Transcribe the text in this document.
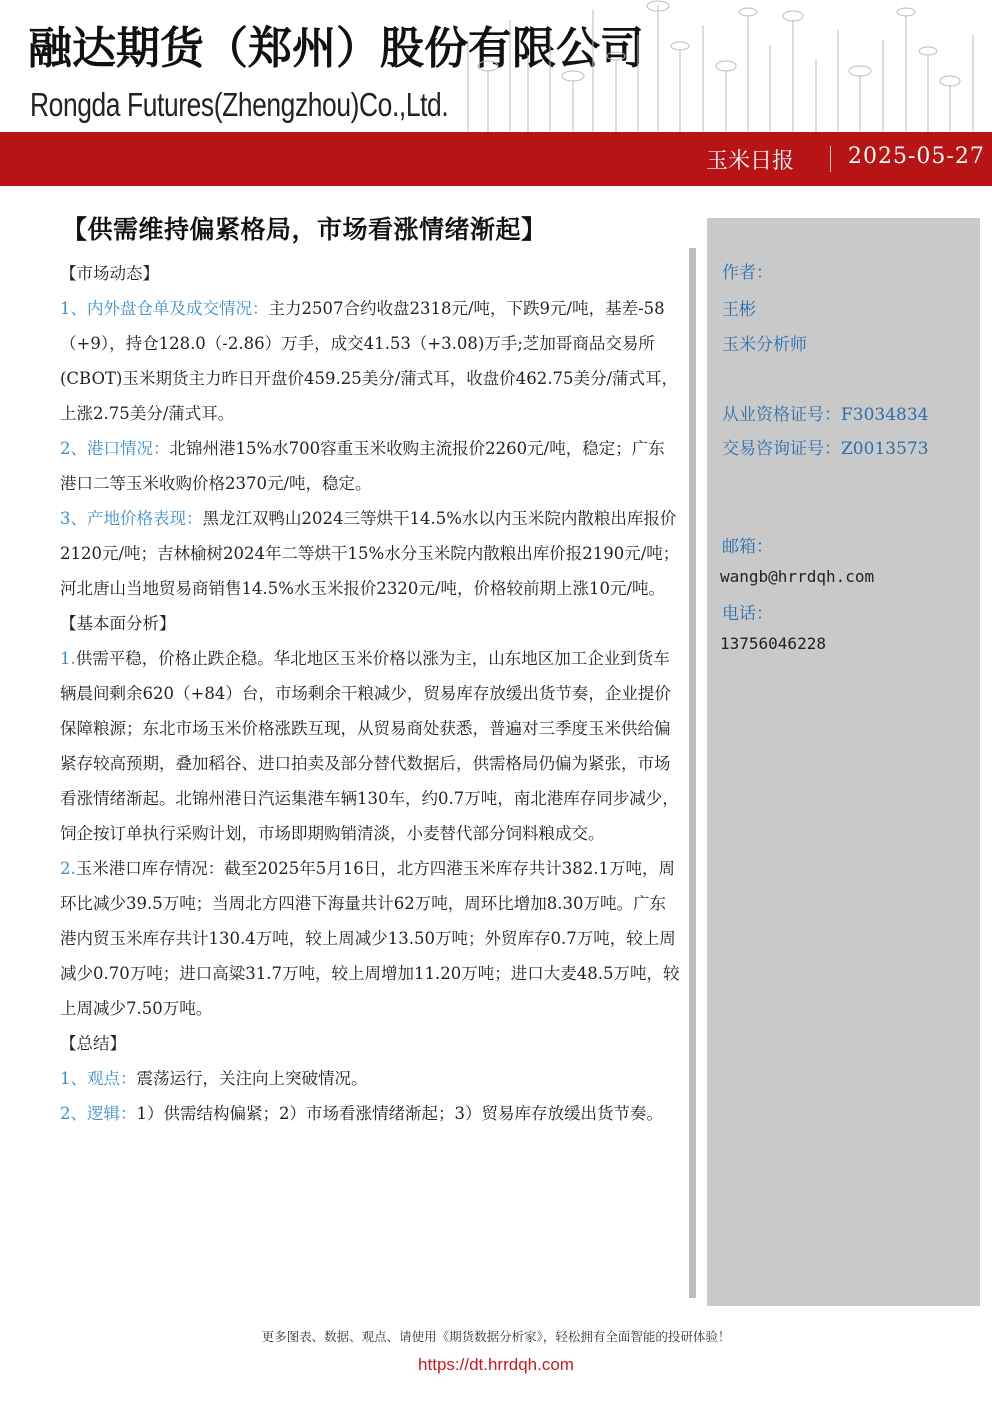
融达期货（郑州）股份有限公司
Rongda Futures(Zhengzhou)Co.,Ltd.
玉米日报 2025-05-27
【供需维持偏紧格局，市场看涨情绪渐起】

【市场动态】

1、内外盘仓单及成交情况：主力2507合约收盘2318元/吨，下跌9元/吨，基差-58（+9），持仓128.0（-2.86）万手，成交41.53（+3.08)万手;芝加哥商品交易所(CBOT)玉米期货主力昨日开盘价459.25美分/蒲式耳，收盘价462.75美分/蒲式耳，上涨2.75美分/蒲式耳。

2、港口情况：北锦州港15%水700容重玉米收购主流报价2260元/吨，稳定；广东港口二等玉米收购价格2370元/吨，稳定。

3、产地价格表现：黑龙江双鸭山2024三等烘干14.5%水以内玉米院内散粮出库报价2120元/吨；吉林榆树2024年二等烘干15%水分玉米院内散粮出库价报2190元/吨；河北唐山当地贸易商销售14.5%水玉米报价2320元/吨，价格较前期上涨10元/吨。

【基本面分析】

1.供需平稳，价格止跌企稳。华北地区玉米价格以涨为主，山东地区加工企业到货车辆晨间剩余620（+84）台，市场剩余干粮减少，贸易库存放缓出货节奏，企业提价保障粮源；东北市场玉米价格涨跌互现，从贸易商处获悉，普遍对三季度玉米供给偏紧存较高预期，叠加稻谷、进口拍卖及部分替代数据后，供需格局仍偏为紧张，市场看涨情绪渐起。北锦州港日汽运集港车辆130车，约0.7万吨，南北港库存同步减少，饲企按订单执行采购计划，市场即期购销清淡，小麦替代部分饲料粮成交。

2.玉米港口库存情况：截至2025年5月16日，北方四港玉米库存共计382.1万吨，周环比减少39.5万吨；当周北方四港下海量共计62万吨，周环比增加8.30万吨。广东港内贸玉米库存共计130.4万吨，较上周减少13.50万吨；外贸库存0.7万吨，较上周减少0.70万吨；进口高粱31.7万吨，较上周增加11.20万吨；进口大麦48.5万吨，较上周减少7.50万吨。

【总结】

1、观点：震荡运行，关注向上突破情况。

2、逻辑：1）供需结构偏紧；2）市场看涨情绪渐起；3）贸易库存放缓出货节奏。

作者：
王彬
玉米分析师
从业资格证号：F3034834
交易咨询证号：Z0013573
邮箱：
wangb@hrrdqh.com
电话：
13756046228
更多图表、数据、观点、请使用《期货数据分析家》，轻松拥有全面智能的投研体验！
https://dt.hrrdqh.com
